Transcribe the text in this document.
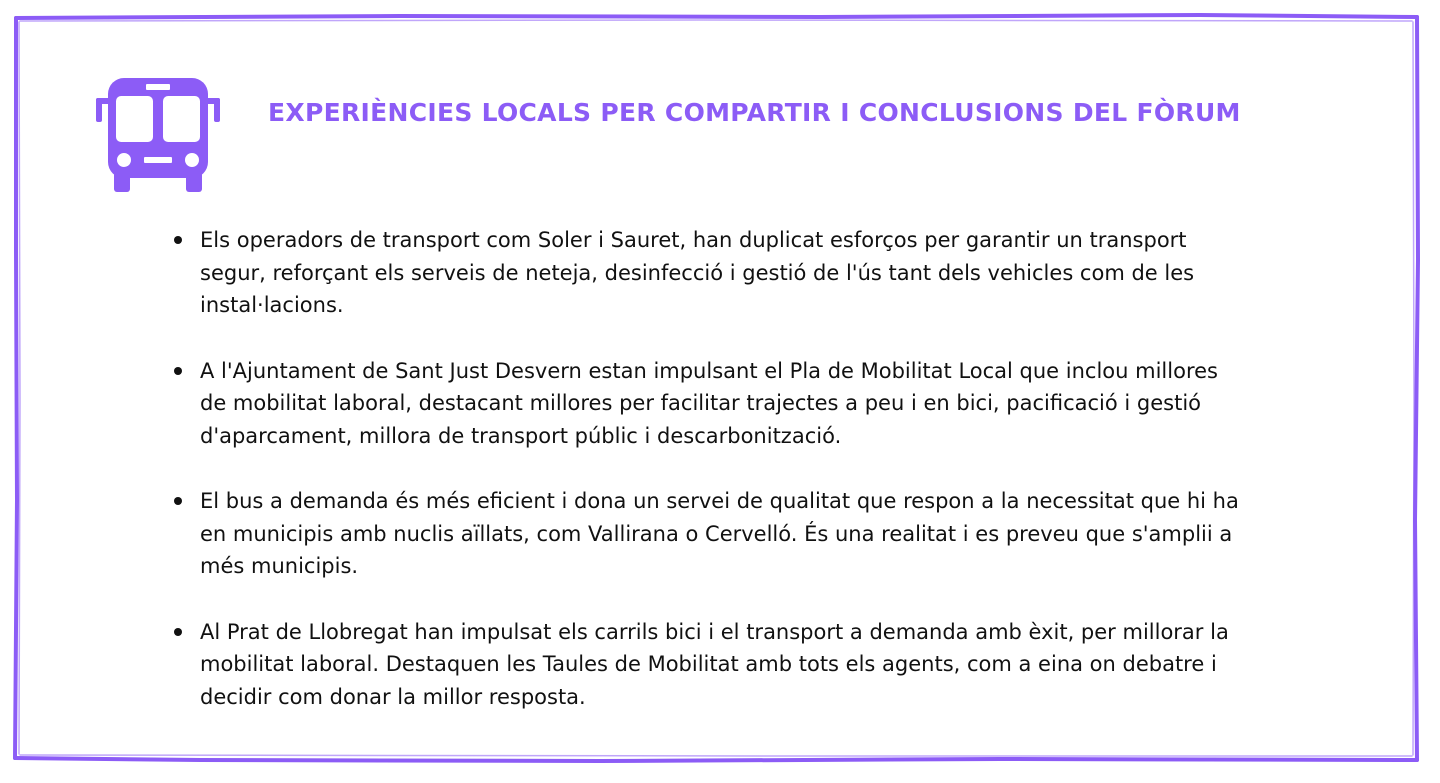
EXPERIÈNCIES LOCALS PER COMPARTIR I CONCLUSIONS DEL FÒRUM
Els operadors de transport com Soler i Sauret, han duplicat esforços per garantir un transport
segur, reforçant els serveis de neteja, desinfecció i gestió de l'ús tant dels vehicles com de les
instal·lacions.
A l'Ajuntament de Sant Just Desvern estan impulsant el Pla de Mobilitat Local que inclou millores
de mobilitat laboral, destacant millores per facilitar trajectes a peu i en bici, pacificació i gestió
d'aparcament, millora de transport públic i descarbonització.
El bus a demanda és més eficient i dona un servei de qualitat que respon a la necessitat que hi ha
en municipis amb nuclis aïllats, com Vallirana o Cervelló. És una realitat i es preveu que s'amplii a
més municipis.
Al Prat de Llobregat han impulsat els carrils bici i el transport a demanda amb èxit, per millorar la
mobilitat laboral. Destaquen les Taules de Mobilitat amb tots els agents, com a eina on debatre i
decidir com donar la millor resposta.
